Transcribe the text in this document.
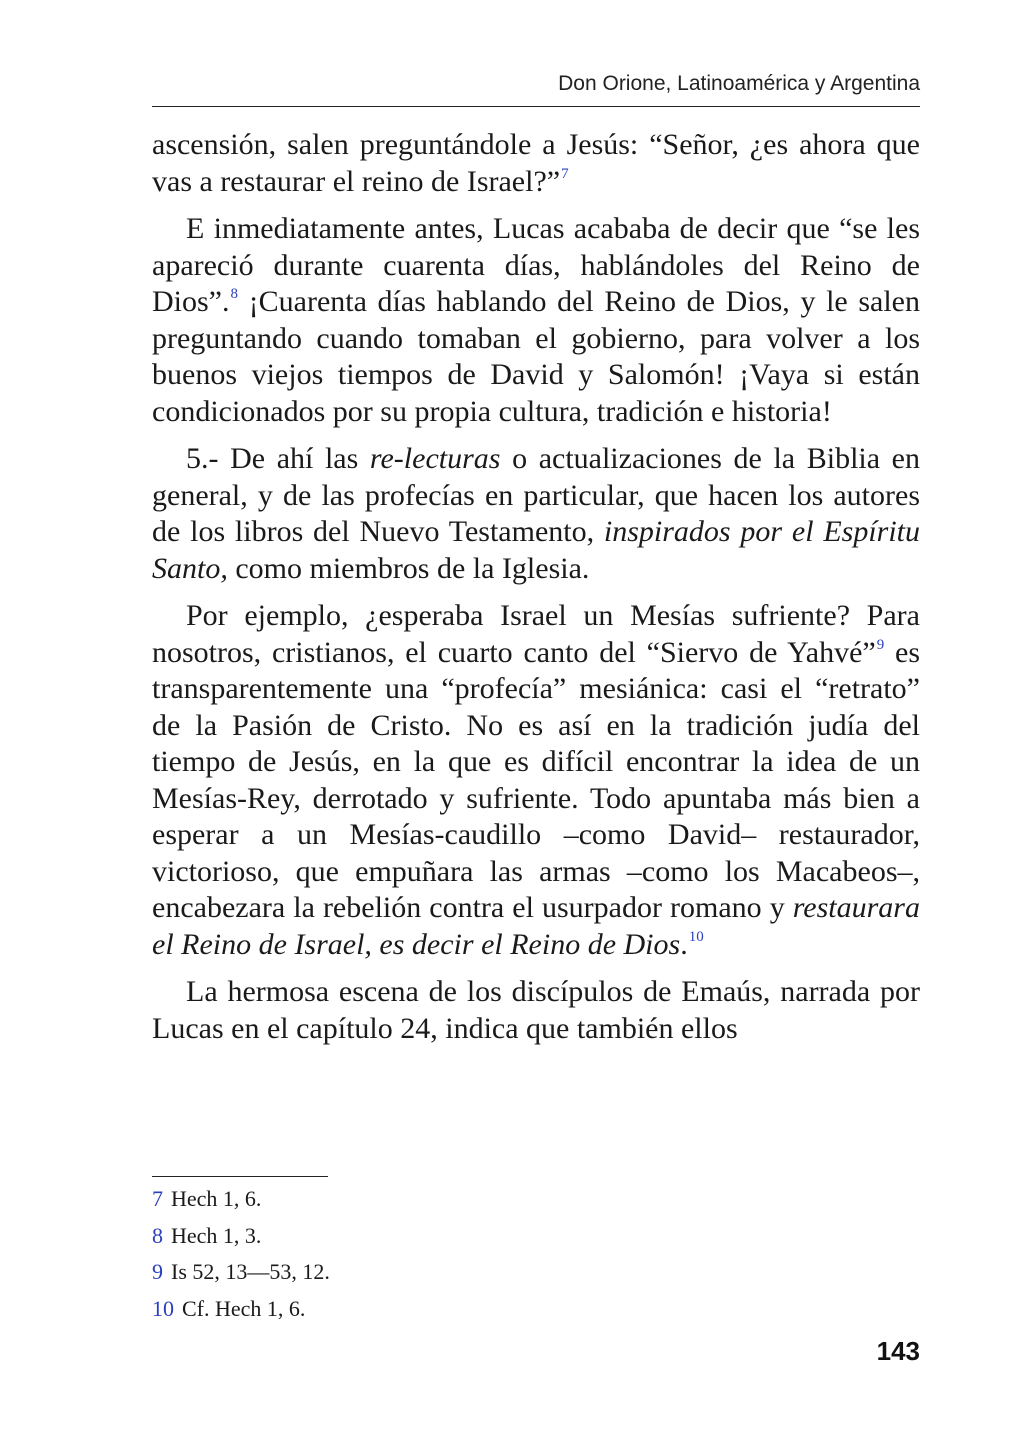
Don Orione, Latinoamérica y Argentina

ascensión, salen preguntándole a Jesús: “Señor, ¿es ahora que vas a restaurar el reino de Israel?”$^7$

E inmediatamente antes, Lucas acababa de decir que “se les apareció durante cuarenta días, hablándoles del Reino de Dios”.$^8$ ¡Cuarenta días hablando del Reino de Dios, y le salen preguntando cuando tomaban el gobierno, para volver a los buenos viejos tiempos de David y Salomón! ¡Vaya si están condicionados por su propia cultura, tradición e historia!

5.- De ahí las re-lecturas o actualizaciones de la Biblia en general, y de las profecías en particular, que hacen los autores de los libros del Nuevo Testamento, inspirados por el Espíritu Santo, como miembros de la Iglesia.

Por ejemplo, ¿esperaba Israel un Mesías sufriente? Para nosotros, cristianos, el cuarto canto del “Siervo de Yahvé”$^9$ es transparentemente una “profecía” mesiánica: casi el “retrato” de la Pasión de Cristo. No es así en la tradición judía del tiempo de Jesús, en la que es difícil encontrar la idea de un Mesías-Rey, derrotado y sufriente. Todo apuntaba más bien a esperar a un Mesías-caudillo –como David– restaurador, victorioso, que empuñara las armas –como los Macabeos–, encabezara la rebelión contra el usurpador romano y restaurara el Reino de Israel, es decir el Reino de Dios.$^{10}$

La hermosa escena de los discípulos de Emaús, narrada por Lucas en el capítulo 24, indica que también ellos

7 Hech 1, 6.
8 Hech 1, 3.
9 Is 52, 13—53, 12.
10 Cf. Hech 1, 6.
143
